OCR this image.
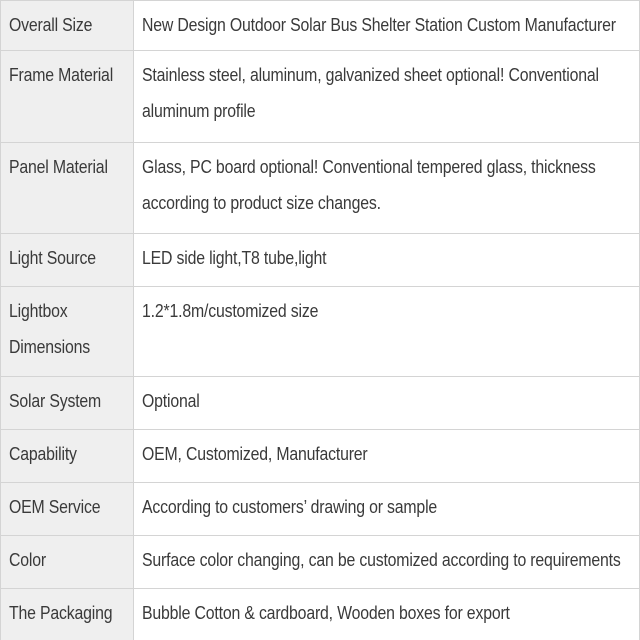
Overall Size	New Design Outdoor Solar Bus Shelter Station Custom Manufacturer
Frame Material	Stainless steel, aluminum, galvanized sheet optional! Conventional aluminum profile
Panel Material	Glass, PC board optional! Conventional tempered glass, thickness according to product size changes.
Light Source	LED side light,T8 tube,light
Lightbox Dimensions	1.2*1.8m/customized size
Solar System	Optional
Capability	OEM, Customized, Manufacturer
OEM Service	According to customers’ drawing or sample
Color	Surface color changing, can be customized according to requirements
The Packaging	Bubble Cotton & cardboard, Wooden boxes for export
